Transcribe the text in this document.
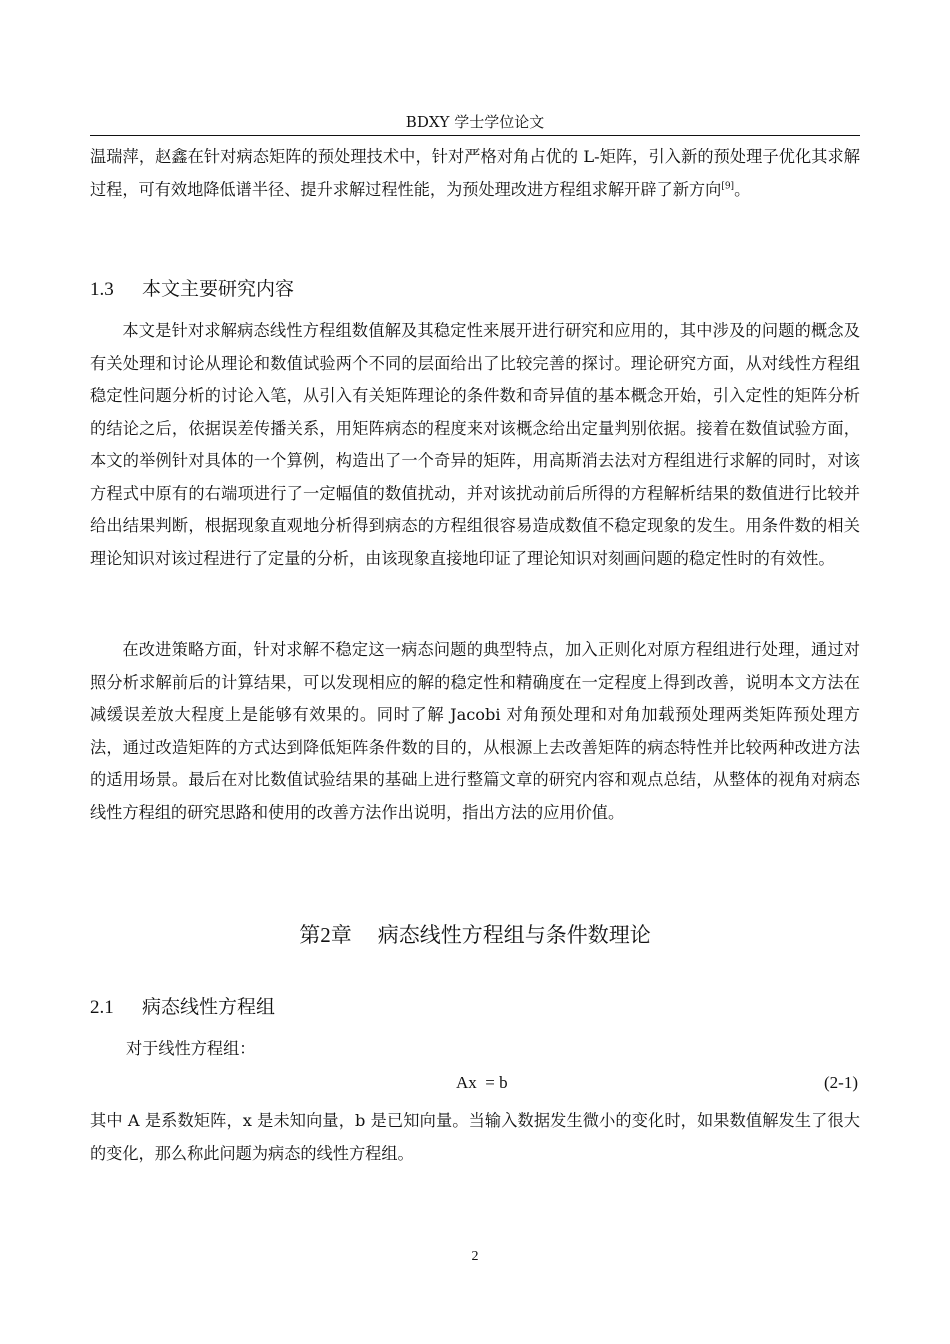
BDXY 学士学位论文
温瑞萍，赵鑫在针对病态矩阵的预处理技术中，针对严格对角占优的 L-矩阵，引入新的预处理子优化其求解过程，可有效地降低谱半径、提升求解过程性能，为预处理改进方程组求解开辟了新方向[9]。
1.3 本文主要研究内容
本文是针对求解病态线性方程组数值解及其稳定性来展开进行研究和应用的，其中涉及的问题的概念及有关处理和讨论从理论和数值试验两个不同的层面给出了比较完善的探讨。理论研究方面，从对线性方程组稳定性问题分析的讨论入笔，从引入有关矩阵理论的条件数和奇异值的基本概念开始，引入定性的矩阵分析的结论之后，依据误差传播关系，用矩阵病态的程度来对该概念给出定量判别依据。接着在数值试验方面，本文的举例针对具体的一个算例，构造出了一个奇异的矩阵，用高斯消去法对方程组进行求解的同时，对该方程式中原有的右端项进行了一定幅值的数值扰动，并对该扰动前后所得的方程解析结果的数值进行比较并给出结果判断，根据现象直观地分析得到病态的方程组很容易造成数值不稳定现象的发生。用条件数的相关理论知识对该过程进行了定量的分析，由该现象直接地印证了理论知识对刻画问题的稳定性时的有效性。
在改进策略方面，针对求解不稳定这一病态问题的典型特点，加入正则化对原方程组进行处理，通过对照分析求解前后的计算结果，可以发现相应的解的稳定性和精确度在一定程度上得到改善，说明本文方法在减缓误差放大程度上是能够有效果的。同时了解 Jacobi 对角预处理和对角加载预处理两类矩阵预处理方法，通过改造矩阵的方式达到降低矩阵条件数的目的，从根源上去改善矩阵的病态特性并比较两种改进方法的适用场景。最后在对比数值试验结果的基础上进行整篇文章的研究内容和观点总结，从整体的视角对病态线性方程组的研究思路和使用的改善方法作出说明，指出方法的应用价值。
第2章 病态线性方程组与条件数理论
2.1 病态线性方程组
对于线性方程组：
Ax  = b	(2-1)
其中 A 是系数矩阵，x 是未知向量，b 是已知向量。当输入数据发生微小的变化时，如果数值解发生了很大的变化，那么称此问题为病态的线性方程组。
2
